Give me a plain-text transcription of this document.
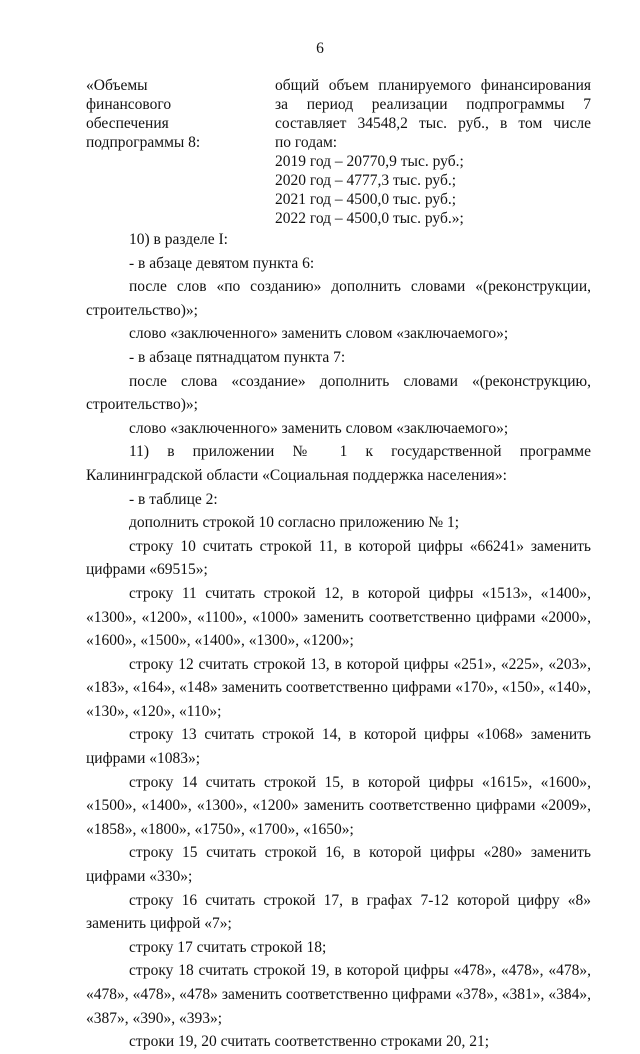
6
«Объемы
финансового
обеспечения
подпрограммы 8:
общий объем планируемого финансирования
за период реализации подпрограммы 7
составляет 34548,2 тыс. руб., в том числе
по годам:
2019 год – 20770,9 тыс. руб.;
2020 год – 4777,3 тыс. руб.;
2021 год – 4500,0 тыс. руб.;
2022 год – 4500,0 тыс. руб.»;
10) в разделе I:
- в абзаце девятом пункта 6:
после слов «по созданию» дополнить словами «(реконструкции,
строительство)»;
слово «заключенного» заменить словом «заключаемого»;
- в абзаце пятнадцатом пункта 7:
после слова «создание» дополнить словами «(реконструкцию,
строительство)»;
слово «заключенного» заменить словом «заключаемого»;
11) в приложении № 1 к государственной программе
Калининградской области «Социальная поддержка населения»:
- в таблице 2:
дополнить строкой 10 согласно приложению № 1;
строку 10 считать строкой 11, в которой цифры «66241» заменить
цифрами «69515»;
строку 11 считать строкой 12, в которой цифры «1513», «1400»,
«1300», «1200», «1100», «1000» заменить соответственно цифрами «2000»,
«1600», «1500», «1400», «1300», «1200»;
строку 12 считать строкой 13, в которой цифры «251», «225», «203»,
«183», «164», «148» заменить соответственно цифрами «170», «150», «140»,
«130», «120», «110»;
строку 13 считать строкой 14, в которой цифры «1068» заменить
цифрами «1083»;
строку 14 считать строкой 15, в которой цифры «1615», «1600»,
«1500», «1400», «1300», «1200» заменить соответственно цифрами «2009»,
«1858», «1800», «1750», «1700», «1650»;
строку 15 считать строкой 16, в которой цифры «280» заменить
цифрами «330»;
строку 16 считать строкой 17, в графах 7-12 которой цифру «8»
заменить цифрой «7»;
строку 17 считать строкой 18;
строку 18 считать строкой 19, в которой цифры «478», «478», «478»,
«478», «478», «478» заменить соответственно цифрами «378», «381», «384»,
«387», «390», «393»;
строки 19, 20 считать соответственно строками 20, 21;
